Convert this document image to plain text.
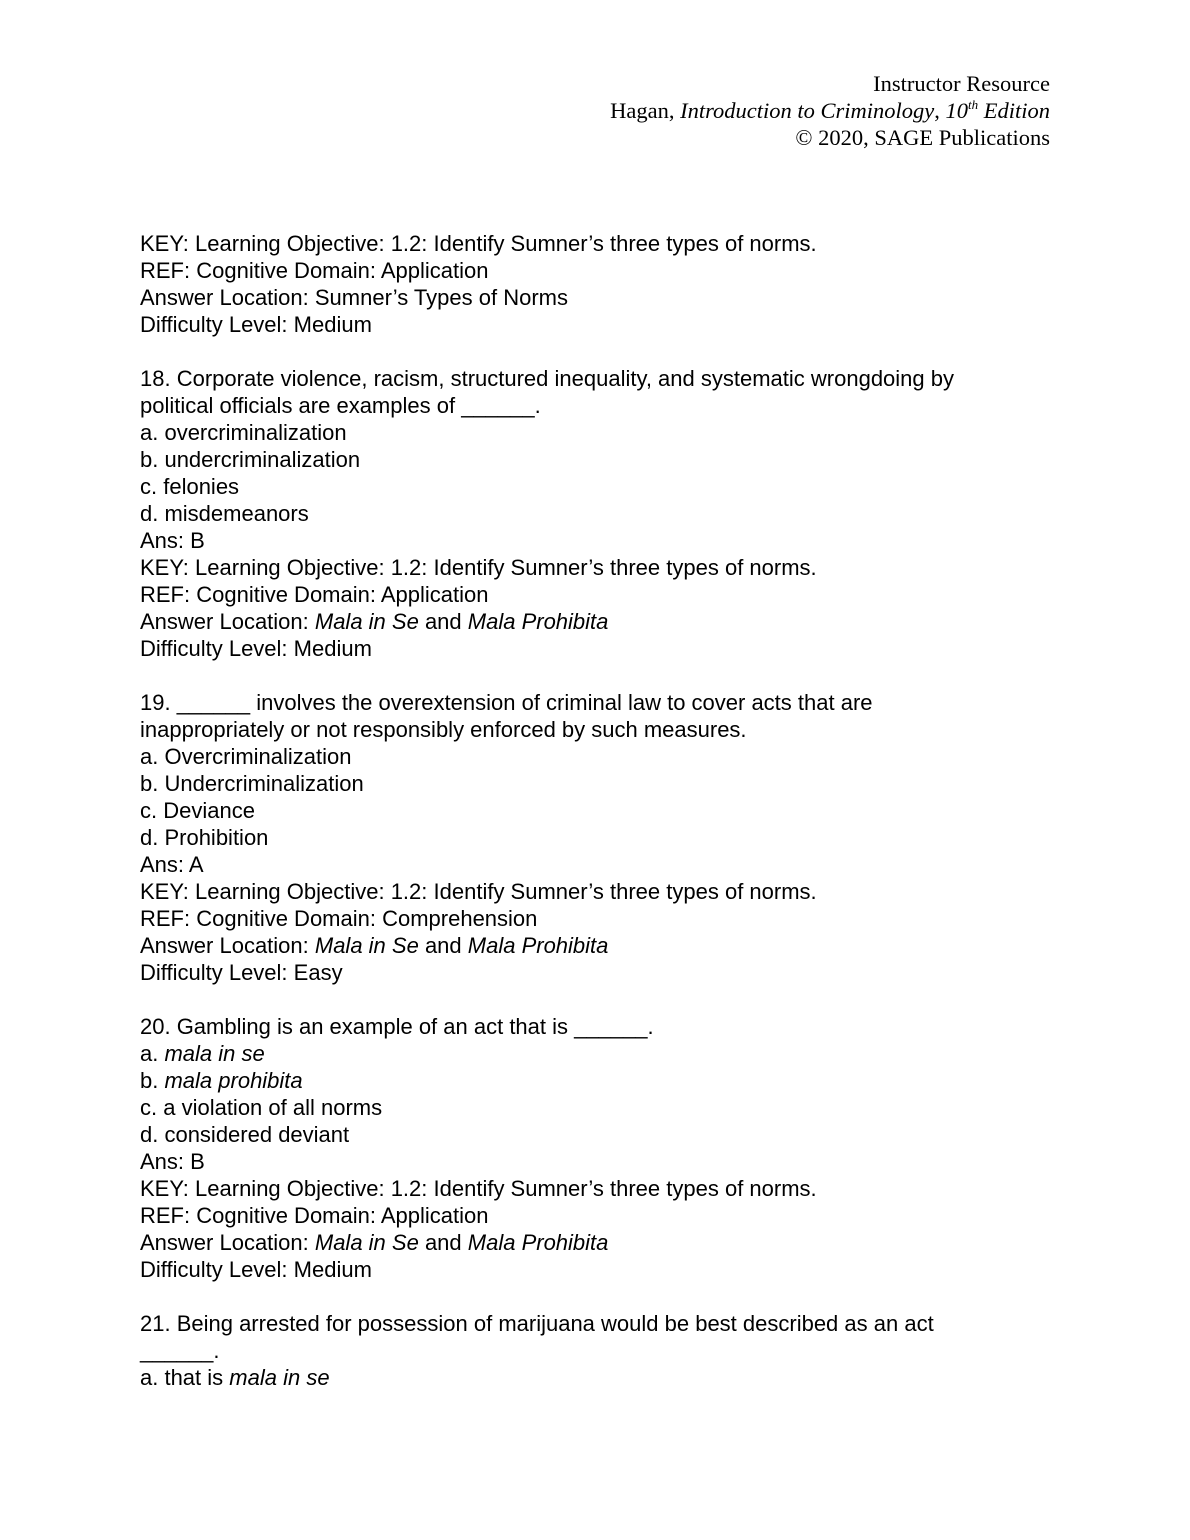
Instructor Resource
Hagan, Introduction to Criminology, 10th Edition
© 2020, SAGE Publications
KEY: Learning Objective: 1.2: Identify Sumner’s three types of norms.
REF: Cognitive Domain: Application
Answer Location: Sumner’s Types of Norms
Difficulty Level: Medium
18. Corporate violence, racism, structured inequality, and systematic wrongdoing by
political officials are examples of ______.
a. overcriminalization
b. undercriminalization
c. felonies
d. misdemeanors
Ans: B
KEY: Learning Objective: 1.2: Identify Sumner’s three types of norms.
REF: Cognitive Domain: Application
Answer Location: Mala in Se and Mala Prohibita
Difficulty Level: Medium
19. ______ involves the overextension of criminal law to cover acts that are
inappropriately or not responsibly enforced by such measures.
a. Overcriminalization
b. Undercriminalization
c. Deviance
d. Prohibition
Ans: A
KEY: Learning Objective: 1.2: Identify Sumner’s three types of norms.
REF: Cognitive Domain: Comprehension
Answer Location: Mala in Se and Mala Prohibita
Difficulty Level: Easy
20. Gambling is an example of an act that is ______.
a. mala in se
b. mala prohibita
c. a violation of all norms
d. considered deviant
Ans: B
KEY: Learning Objective: 1.2: Identify Sumner’s three types of norms.
REF: Cognitive Domain: Application
Answer Location: Mala in Se and Mala Prohibita
Difficulty Level: Medium
21. Being arrested for possession of marijuana would be best described as an act
______.
a. that is mala in se
